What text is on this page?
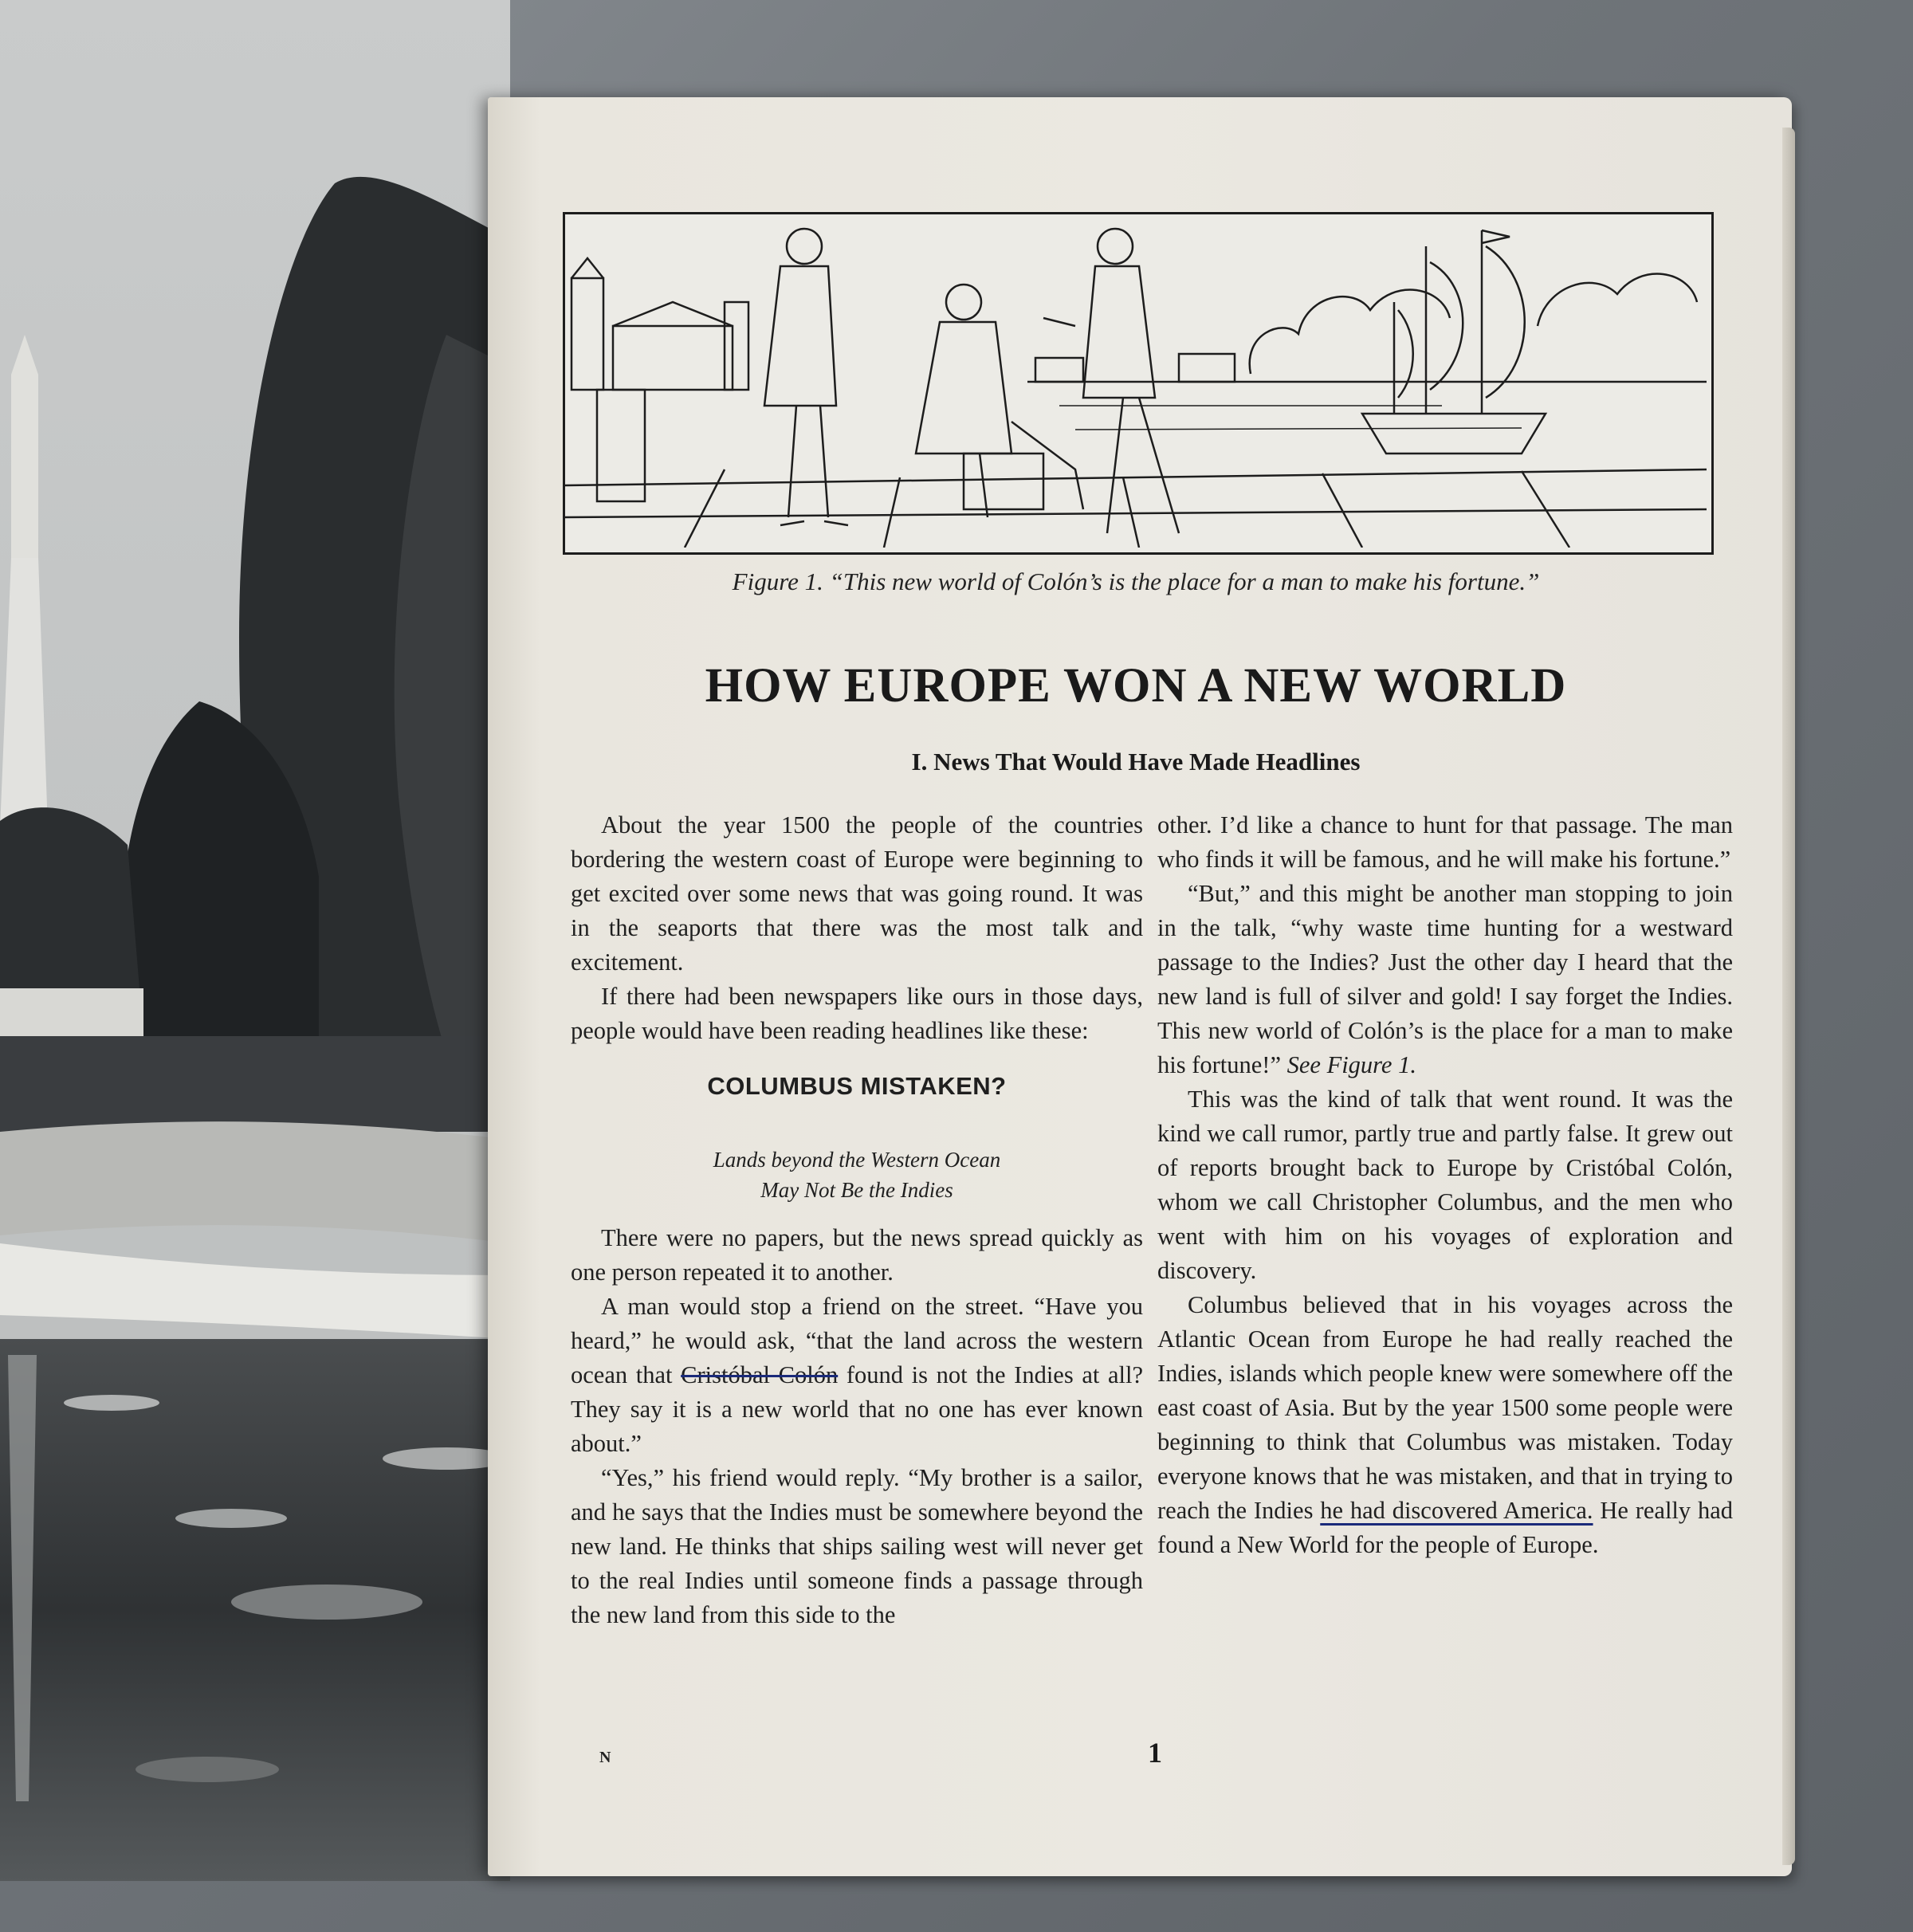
Figure 1. “This new world of Colón’s is the place for a man to make his fortune.”
HOW EUROPE WON A NEW WORLD
I. News That Would Have Made Headlines

About the year 1500 the people of the countries bordering the western coast of Europe were beginning to get excited over some news that was going round. It was in the seaports that there was the most talk and excitement.

If there had been newspapers like ours in those days, people would have been reading headlines like these:

COLUMBUS MISTAKEN?
Lands beyond the Western Ocean
May Not Be the Indies

There were no papers, but the news spread quickly as one person repeated it to another.

A man would stop a friend on the street. “Have you heard,” he would ask, “that the land across the western ocean that Cristóbal Colón found is not the Indies at all? They say it is a new world that no one has ever known about.”

“Yes,” his friend would reply. “My brother is a sailor, and he says that the Indies must be somewhere beyond the new land. He thinks that ships sailing west will never get to the real Indies until someone finds a passage through the new land from this side to the

other. I’d like a chance to hunt for that passage. The man who finds it will be famous, and he will make his fortune.”

“But,” and this might be another man stopping to join in the talk, “why waste time hunting for a westward passage to the Indies? Just the other day I heard that the new land is full of silver and gold! I say forget the Indies. This new world of Colón’s is the place for a man to make his fortune!” See Figure 1.

This was the kind of talk that went round. It was the kind we call rumor, partly true and partly false. It grew out of reports brought back to Europe by Cristóbal Colón, whom we call Christopher Columbus, and the men who went with him on his voyages of exploration and discovery.

Columbus believed that in his voyages across the Atlantic Ocean from Europe he had really reached the Indies, islands which people knew were somewhere off the east coast of Asia. But by the year 1500 some people were beginning to think that Columbus was mistaken. Today everyone knows that he was mistaken, and that in trying to reach the Indies he had discovered America. He really had found a New World for the people of Europe.

N	1
